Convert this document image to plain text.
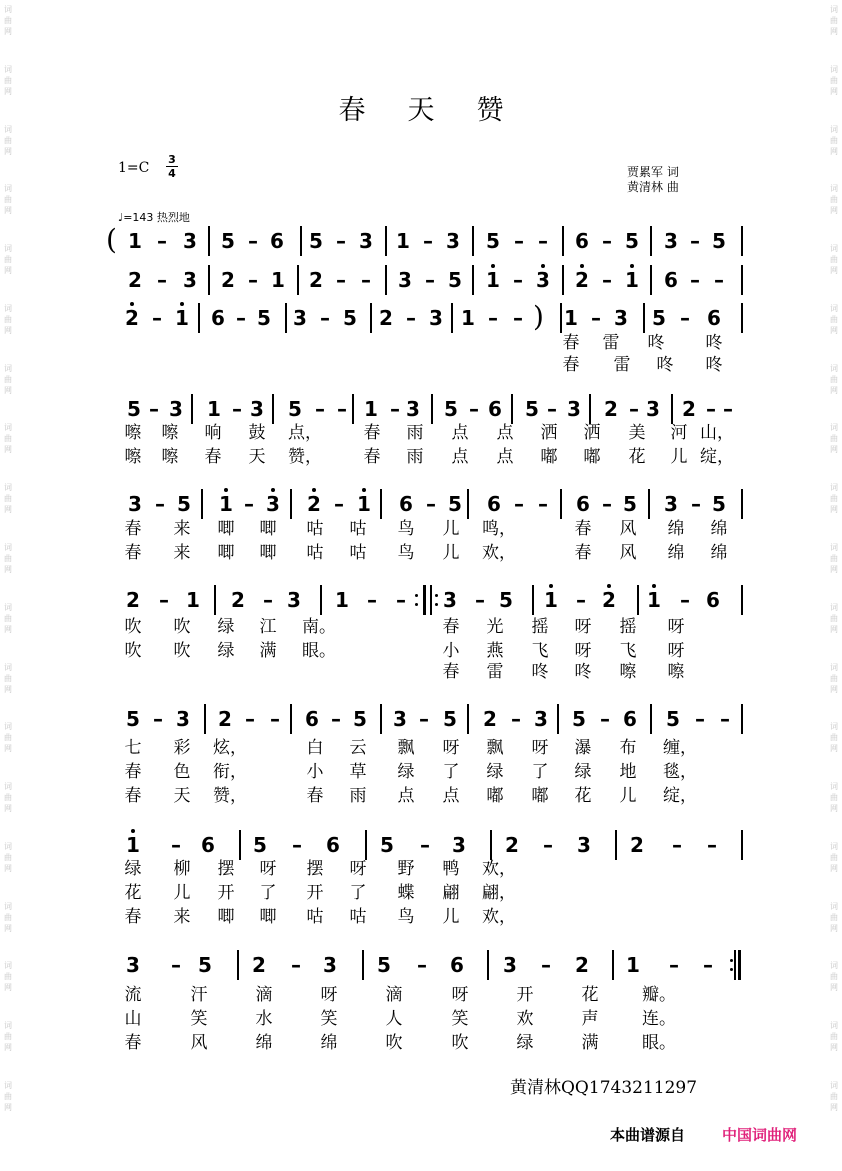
词
曲
网
词
曲
网
词
曲
网
词
曲
网
词
曲
网
词
曲
网
词
曲
网
词
曲
网
词
曲
网
词
曲
网
词
曲
网
词
曲
网
词
曲
网
词
曲
网
词
曲
网
词
曲
网
词
曲
网
词
曲
网
词
曲
网
词
曲
网
词
曲
网
词
曲
网
词
曲
网
词
曲
网
词
曲
网
词
曲
网
词
曲
网
词
曲
网
词
曲
网
词
曲
网
词
曲
网
词
曲
网
词
曲
网
词
曲
网
词
曲
网
词
曲
网
词
曲
网
词
曲
网
春天赞
$1=C \frac{3}{4}$	贾累军 词
黄清林 曲
♩=143 热烈地
1 – 3 5 – 6 5 – 3 1 – 3 5 – – 6 – 5 3 – 5
(
2 – 3 2 – 1 2 – – 3 – 5 1 – 3 2 – 1 6 – –
2 – 1 6 – 5 3 – 5 2 – 3 1 – – 1 – 3 5 – 6
)
春 雷 咚 咚
春 雷 咚 咚
5 – 3 1 – 3 5 – – 1 – 3 5 – 6 5 – 3 2 – 3 2 – –
嚓 嚓 响 鼓 点， 春 雨 点 点 洒 洒 美 河 山，
嚓 嚓 春 天 赞， 春 雨 点 点 嘟 嘟 花 儿 绽，
3 – 5 1 – 3 2 – 1 6 – 5 6 – – 6 – 5 3 – 5
春 来 唧 唧 咕 咕 鸟 儿 鸣，	春 风 绵 绵
春 来 唧 唧 咕 咕 鸟 儿 欢，	春 风 绵 绵
2 – 1 2 – 3 1 – – 3 – 5 1 – 2 1 – 6
吹 吹 绿 江 南。	春 光 摇 呀 摇 呀
吹 吹 绿 满 眼。	小 燕 飞 呀 飞 呀
春 雷 咚 咚 嚓 嚓
5 – 3 2 – – 6 – 5 3 – 5 2 – 3 5 – 6 5 – –
七 彩 炫，	白 云 飘 呀 飘 呀 瀑 布 缠，
春 色 衔，	小 草 绿 了 绿 了 绿 地 毯，
春 天 赞，	春 雨 点 点 嘟 嘟 花 儿 绽，
1 – 6 5 – 6 5 – 3 2 – 3 2 – –
绿 柳 摆 呀 摆 呀 野 鸭 欢，
花 儿 开 了 开 了 蝶 翩 翩，
春 来 唧 唧 咕 咕 鸟 儿 欢，
3 – 5 2 – 3 5 – 6 3 – 2 1 – –
流	汗	滴	呀	滴	呀	开	花	瓣。
山	笑	水	笑	人	笑	欢	声	连。
春	风	绵	绵	吹	吹	绿	满	眼。
黄清林QQ1743211297
本曲谱源自 中国词曲网
